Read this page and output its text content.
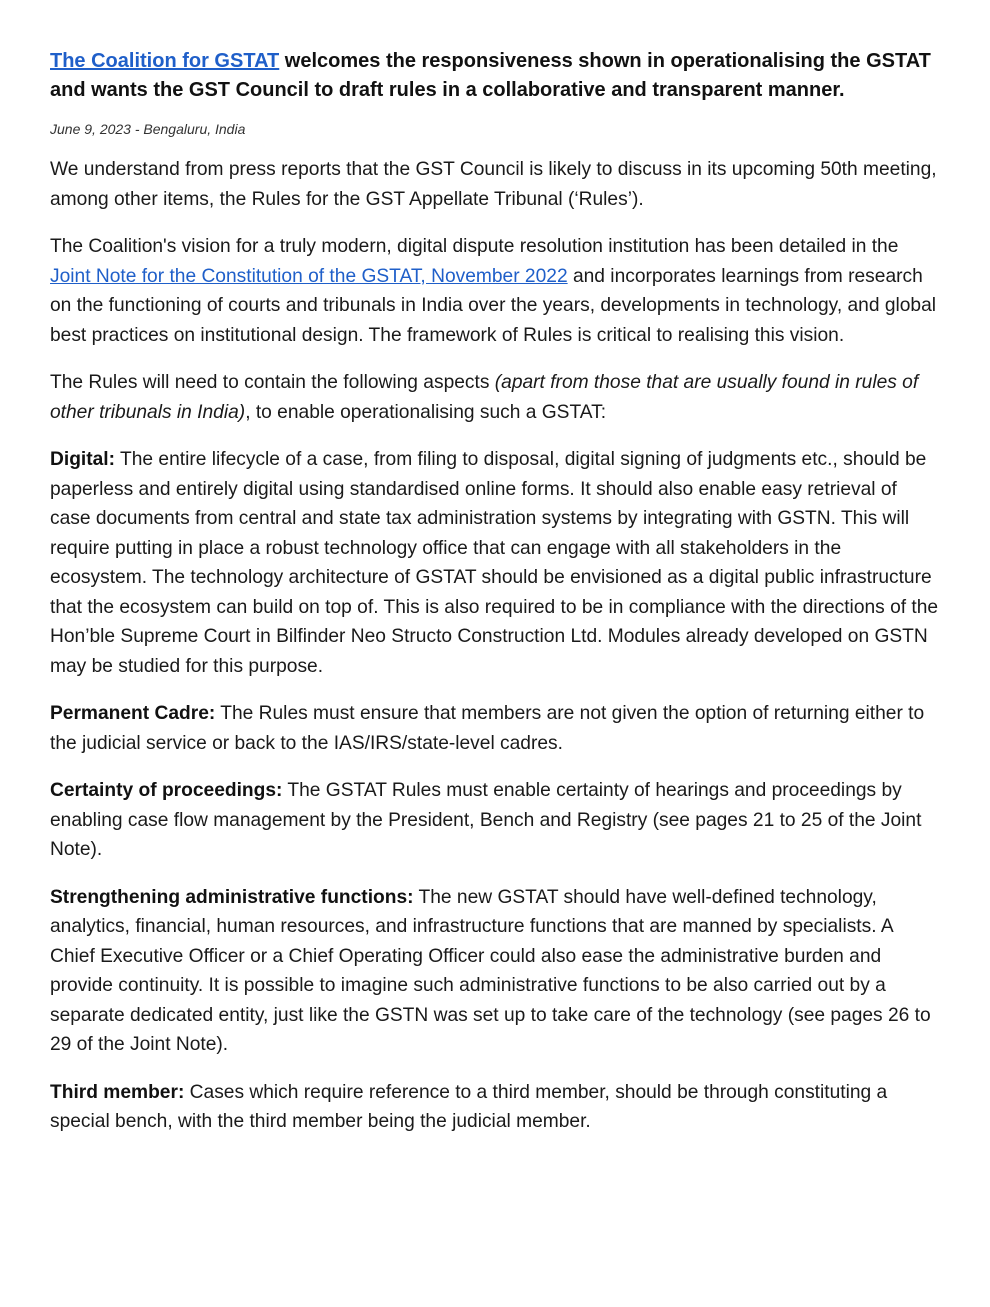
The Coalition for GSTAT welcomes the responsiveness shown in operationalising the GSTAT and wants the GST Council to draft rules in a collaborative and transparent manner.

June 9, 2023 - Bengaluru, India

We understand from press reports that the GST Council is likely to discuss in its upcoming 50th meeting, among other items, the Rules for the GST Appellate Tribunal (‘Rules’).

The Coalition's vision for a truly modern, digital dispute resolution institution has been detailed in the Joint Note for the Constitution of the GSTAT, November 2022 and incorporates learnings from research on the functioning of courts and tribunals in India over the years, developments in technology, and global best practices on institutional design. The framework of Rules is critical to realising this vision.

The Rules will need to contain the following aspects (apart from those that are usually found in rules of other tribunals in India), to enable operationalising such a GSTAT:

Digital: The entire lifecycle of a case, from filing to disposal, digital signing of judgments etc., should be paperless and entirely digital using standardised online forms. It should also enable easy retrieval of case documents from central and state tax administration systems by integrating with GSTN. This will require putting in place a robust technology office that can engage with all stakeholders in the ecosystem. The technology architecture of GSTAT should be envisioned as a digital public infrastructure that the ecosystem can build on top of. This is also required to be in compliance with the directions of the Hon’ble Supreme Court in Bilfinder Neo Structo Construction Ltd. Modules already developed on GSTN may be studied for this purpose.

Permanent Cadre: The Rules must ensure that members are not given the option of returning either to the judicial service or back to the IAS/IRS/state-level cadres.

Certainty of proceedings: The GSTAT Rules must enable certainty of hearings and proceedings by enabling case flow management by the President, Bench and Registry (see pages 21 to 25 of the Joint Note).

Strengthening administrative functions: The new GSTAT should have well-defined technology, analytics, financial, human resources, and infrastructure functions that are manned by specialists. A Chief Executive Officer or a Chief Operating Officer could also ease the administrative burden and provide continuity. It is possible to imagine such administrative functions to be also carried out by a separate dedicated entity, just like the GSTN was set up to take care of the technology (see pages 26 to 29 of the Joint Note).

Third member: Cases which require reference to a third member, should be through constituting a special bench, with the third member being the judicial member.
